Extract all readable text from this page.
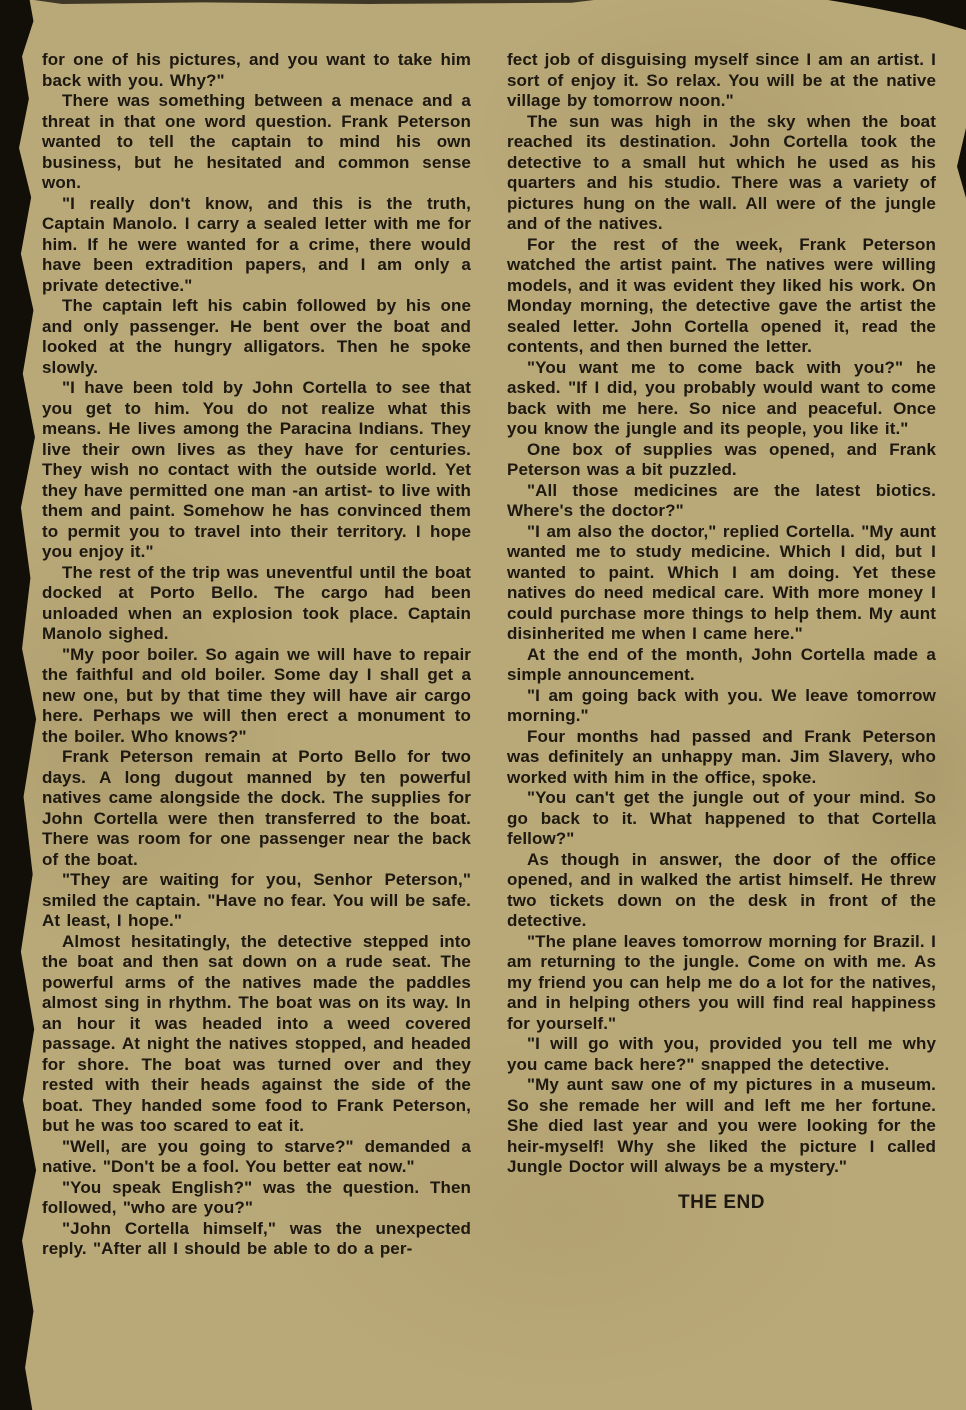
for one of his pictures, and you want to take him back with you. Why?"

There was something between a menace and a threat in that one word question. Frank Peterson wanted to tell the captain to mind his own business, but he hesitated and common sense won.

"I really don't know, and this is the truth, Captain Manolo. I carry a sealed letter with me for him. If he were wanted for a crime, there would have been extradition papers, and I am only a private detective."

The captain left his cabin followed by his one and only passenger. He bent over the boat and looked at the hungry alligators. Then he spoke slowly.

"I have been told by John Cortella to see that you get to him. You do not realize what this means. He lives among the Paracina Indians. They live their own lives as they have for centuries. They wish no contact with the outside world. Yet they have permitted one man -an artist- to live with them and paint. Somehow he has convinced them to permit you to travel into their territory. I hope you enjoy it."

The rest of the trip was uneventful until the boat docked at Porto Bello. The cargo had been unloaded when an explosion took place. Captain Manolo sighed.

"My poor boiler. So again we will have to repair the faithful and old boiler. Some day I shall get a new one, but by that time they will have air cargo here. Perhaps we will then erect a monument to the boiler. Who knows?"

Frank Peterson remain at Porto Bello for two days. A long dugout manned by ten powerful natives came alongside the dock. The supplies for John Cortella were then transferred to the boat. There was room for one passenger near the back of the boat.

"They are waiting for you, Senhor Peterson," smiled the captain. "Have no fear. You will be safe. At least, I hope."

Almost hesitatingly, the detective stepped into the boat and then sat down on a rude seat. The powerful arms of the natives made the paddles almost sing in rhythm. The boat was on its way. In an hour it was headed into a weed covered passage. At night the natives stopped, and headed for shore. The boat was turned over and they rested with their heads against the side of the boat. They handed some food to Frank Peterson, but he was too scared to eat it.

"Well, are you going to starve?" demanded a native. "Don't be a fool. You better eat now."

"You speak English?" was the question. Then followed, "who are you?"

"John Cortella himself," was the unexpected reply. "After all I should be able to do a per-

fect job of disguising myself since I am an artist. I sort of enjoy it. So relax. You will be at the native village by tomorrow noon."

The sun was high in the sky when the boat reached its destination. John Cortella took the detective to a small hut which he used as his quarters and his studio. There was a variety of pictures hung on the wall. All were of the jungle and of the natives.

For the rest of the week, Frank Peterson watched the artist paint. The natives were willing models, and it was evident they liked his work. On Monday morning, the detective gave the artist the sealed letter. John Cortella opened it, read the contents, and then burned the letter.

"You want me to come back with you?" he asked. "If I did, you probably would want to come back with me here. So nice and peaceful. Once you know the jungle and its people, you like it."

One box of supplies was opened, and Frank Peterson was a bit puzzled.

"All those medicines are the latest biotics. Where's the doctor?"

"I am also the doctor," replied Cortella. "My aunt wanted me to study medicine. Which I did, but I wanted to paint. Which I am doing. Yet these natives do need medical care. With more money I could purchase more things to help them. My aunt disinherited me when I came here."

At the end of the month, John Cortella made a simple announcement.

"I am going back with you. We leave tomorrow morning."

Four months had passed and Frank Peterson was definitely an unhappy man. Jim Slavery, who worked with him in the office, spoke.

"You can't get the jungle out of your mind. So go back to it. What happened to that Cortella fellow?"

As though in answer, the door of the office opened, and in walked the artist himself. He threw two tickets down on the desk in front of the detective.

"The plane leaves tomorrow morning for Brazil. I am returning to the jungle. Come on with me. As my friend you can help me do a lot for the natives, and in helping others you will find real happiness for yourself."

"I will go with you, provided you tell me why you came back here?" snapped the detective.

"My aunt saw one of my pictures in a museum. So she remade her will and left me her fortune. She died last year and you were looking for the heir-myself! Why she liked the picture I called Jungle Doctor will always be a mystery."

THE END
